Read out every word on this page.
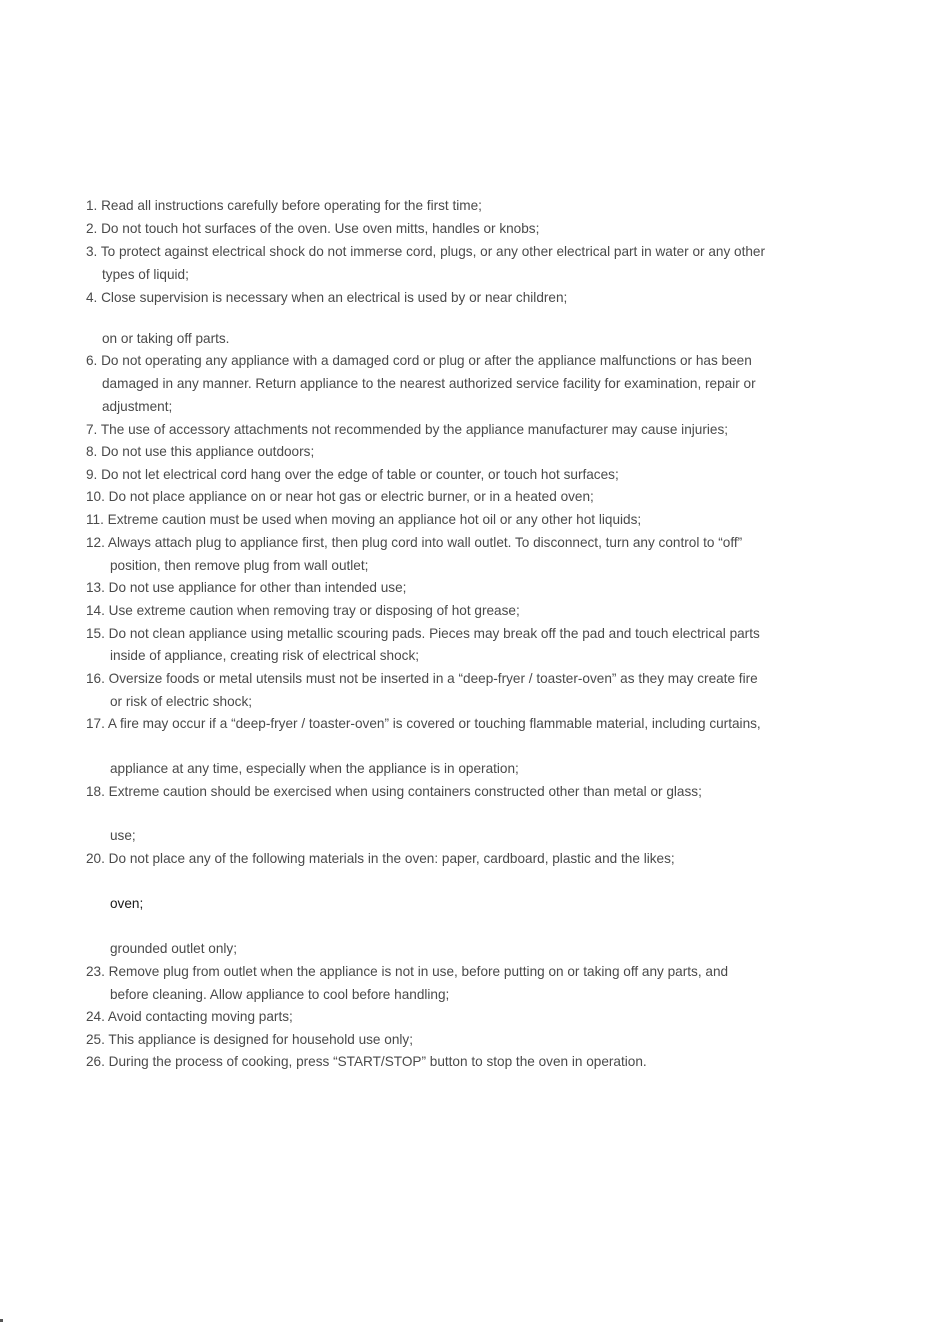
1. Read all instructions carefully before operating for the first time;
2. Do not touch hot surfaces of the oven. Use oven mitts, handles or knobs;
3. To protect against electrical shock do not immerse cord, plugs, or any other electrical part in water or any other
types of liquid;
4. Close supervision is necessary when an electrical is used by or near children;
on or taking off parts.
6. Do not operating any appliance with a damaged cord or plug or after the appliance malfunctions or has been
damaged in any manner. Return appliance to the nearest authorized service facility for examination, repair or
adjustment;
7. The use of accessory attachments not recommended by the appliance manufacturer may cause injuries;
8. Do not use this appliance outdoors;
9. Do not let electrical cord hang over the edge of table or counter, or touch hot surfaces;
10. Do not place appliance on or near hot gas or electric burner, or in a heated oven;
11. Extreme caution must be used when moving an appliance hot oil or any other hot liquids;
12. Always attach plug to appliance first, then plug cord into wall outlet. To disconnect, turn any control to “off”
position, then remove plug from wall outlet;
13. Do not use appliance for other than intended use;
14. Use extreme caution when removing tray or disposing of hot grease;
15. Do not clean appliance using metallic scouring pads. Pieces may break off the pad and touch electrical parts
inside of appliance, creating risk of electrical shock;
16. Oversize foods or metal utensils must not be inserted in a “deep-fryer / toaster-oven” as they may create fire
or risk of electric shock;
17. A fire may occur if a “deep-fryer / toaster-oven” is covered or touching flammable material, including curtains,
appliance at any time, especially when the appliance is in operation;
18. Extreme caution should be exercised when using containers constructed other than metal or glass;
use;
20. Do not place any of the following materials in the oven: paper, cardboard, plastic and the likes;
oven;
grounded outlet only;
23. Remove plug from outlet when the appliance is not in use, before putting on or taking off any parts, and
before cleaning. Allow appliance to cool before handling;
24. Avoid contacting moving parts;
25. This appliance is designed for household use only;
26. During the process of cooking, press “START/STOP” button to stop the oven in operation.
